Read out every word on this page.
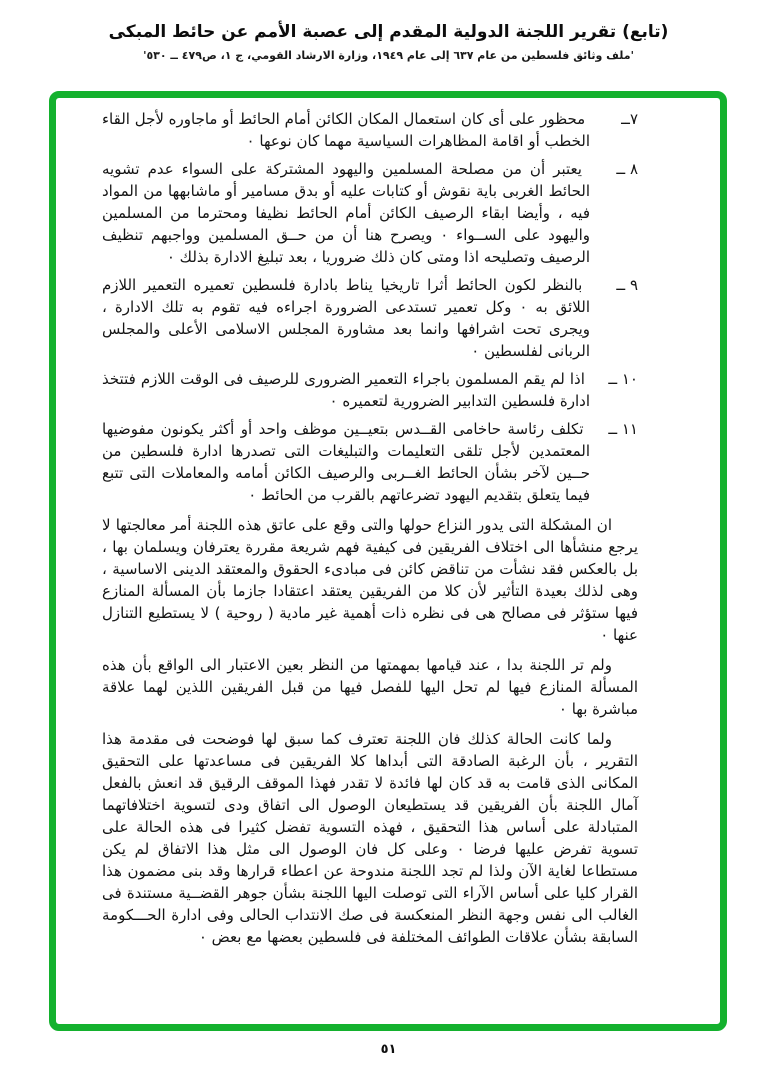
(تابع) تقرير اللجنة الدولية المقدم إلى عصبة الأمم عن حائط المبكى
'ملف وثائق فلسطين من عام ٦٣٧ إلى عام ١٩٤٩، وزارة الارشاد القومي، ج ١، ص٤٧٩ ــ ٥٣٠'
٧ــ محظور على أى كان استعمال المكان الكائن أمام الحائط أو ماجاوره لأجل القاء الخطب أو اقامة المظاهرات السياسية مهما كان نوعها ٠
٨ ــ يعتبر أن من مصلحة المسلمين واليهود المشتركة على السواء عدم تشويه الحائط الغربى باية نقوش أو كتابات عليه أو بدق مسامير أو ماشابهها من المواد فيه ، وأيضا ابقاء الرصيف الكائن أمام الحائط نظيفا ومحترما من المسلمين واليهود على الســواء ٠ ويصرح هنا أن من حــق المسلمين وواجبهم تنظيف الرصيف وتصليحه اذا ومتى كان ذلك ضروريا ، بعد تبليغ الادارة بذلك ٠
٩ ــ بالنظر لكون الحائط أثرا تاريخيا يناط بادارة فلسطين تعميره التعمير اللازم اللائق به ٠ وكل تعمير تستدعى الضرورة اجراءه فيه تقوم به تلك الادارة ، ويجرى تحت اشرافها وانما بعد مشاورة المجلس الاسلامى الأعلى والمجلس الربانى لفلسطين ٠
١٠ ــ اذا لم يقم المسلمون باجراء التعمير الضرورى للرصيف فى الوقت اللازم فتتخذ ادارة فلسطين التدابير الضرورية لتعميره ٠
١١ ــ تكلف رئاسة حاخامى القــدس بتعيــين موظف واحد أو أكثر يكونون مفوضيها المعتمدين لأجل تلقى التعليمات والتبليغات التى تصدرها ادارة فلسطين من حــين لآخر بشأن الحائط الغــربى والرصيف الكائن أمامه والمعاملات التى تتبع فيما يتعلق بتقديم اليهود تضرعاتهم بالقرب من الحائط ٠

ان المشكلة التى يدور النزاع حولها والتى وقع على عاتق هذه اللجنة أمر معالجتها لا يرجع منشأها الى اختلاف الفريقين فى كيفية فهم شريعة مقررة يعترفان ويسلمان بها ، بل بالعكس فقد نشأت من تناقض كائن فى مبادىء الحقوق والمعتقد الدينى الاساسية ، وهى لذلك بعيدة التأثير لأن كلا من الفريقين يعتقد اعتقادا جازما بأن المسألة المنازع فيها ستؤثر فى مصالح هى فى نظره ذات أهمية غير مادية ( روحية ) لا يستطيع التنازل عنها ٠

ولم تر اللجنة بدا ، عند قيامها بمهمتها من النظر بعين الاعتبار الى الواقع بأن هذه المسألة المنازع فيها لم تحل اليها للفصل فيها من قبل الفريقين اللذين لهما علاقة مباشرة بها ٠

ولما كانت الحالة كذلك فان اللجنة تعترف كما سبق لها فوضحت فى مقدمة هذا التقرير ، بأن الرغبة الصادقة التى أبداها كلا الفريقين فى مساعدتها على التحقيق المكانى الذى قامت به قد كان لها فائدة لا تقدر فهذا الموقف الرقيق قد انعش بالفعل آمال اللجنة بأن الفريقين قد يستطيعان الوصول الى اتفاق ودى لتسوية اختلافاتهما المتبادلة على أساس هذا التحقيق ، فهذه التسوية تفضل كثيرا فى هذه الحالة على تسوية تفرض عليها فرضا ٠ وعلى كل فان الوصول الى مثل هذا الاتفاق لم يكن مستطاعا لغاية الآن ولذا لم تجد اللجنة مندوحة عن اعطاء قرارها وقد بنى مضمون هذا القرار كليا على أساس الآراء التى توصلت اليها اللجنة بشأن جوهر القضــية مستندة فى الغالب الى نفس وجهة النظر المنعكسة فى صك الانتداب الحالى وفى ادارة الحـــكومة السابقة بشأن علاقات الطوائف المختلفة فى فلسطين بعضها مع بعض ٠

٥١
